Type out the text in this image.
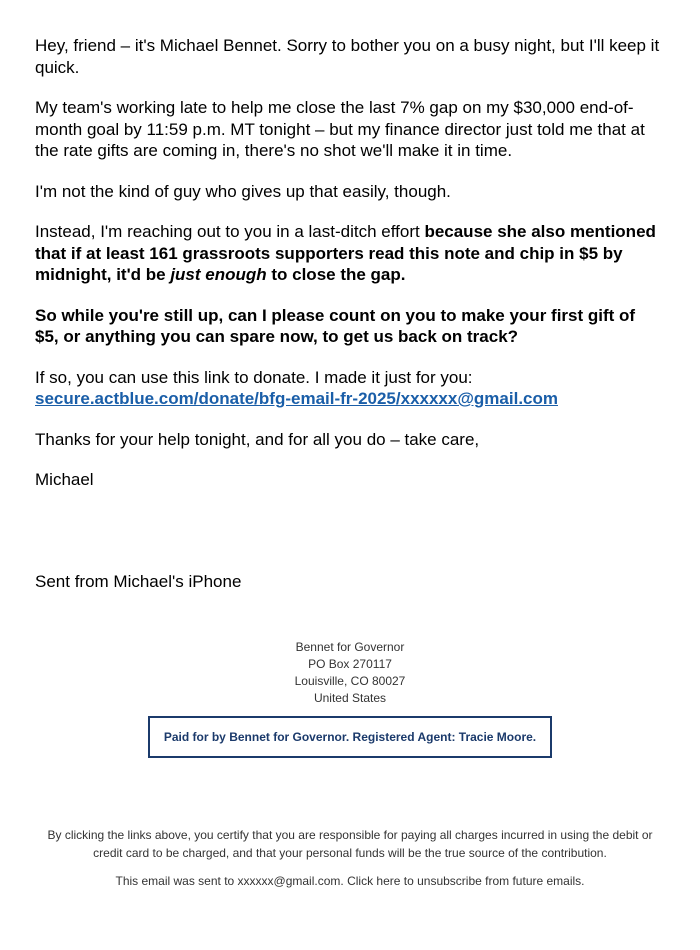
Hey, friend – it's Michael Bennet. Sorry to bother you on a busy night, but I'll keep it quick.

My team's working late to help me close the last 7% gap on my $30,000 end-of-month goal by 11:59 p.m. MT tonight – but my finance director just told me that at the rate gifts are coming in, there's no shot we'll make it in time.

I'm not the kind of guy who gives up that easily, though.

Instead, I'm reaching out to you in a last-ditch effort because she also mentioned that if at least 161 grassroots supporters read this note and chip in $5 by midnight, it'd be just enough to close the gap.

So while you're still up, can I please count on you to make your first gift of $5, or anything you can spare now, to get us back on track?

If so, you can use this link to donate. I made it just for you:
secure.actblue.com/donate/bfg-email-fr-2025/xxxxxx@gmail.com

Thanks for your help tonight, and for all you do – take care,

Michael

Sent from Michael's iPhone
Bennet for Governor
PO Box 270117
Louisville, CO 80027
United States
Paid for by Bennet for Governor. Registered Agent: Tracie Moore.
By clicking the links above, you certify that you are responsible for paying all charges incurred in using the debit or credit card to be charged, and that your personal funds will be the true source of the contribution.
This email was sent to xxxxxx@gmail.com. Click here to unsubscribe from future emails.
